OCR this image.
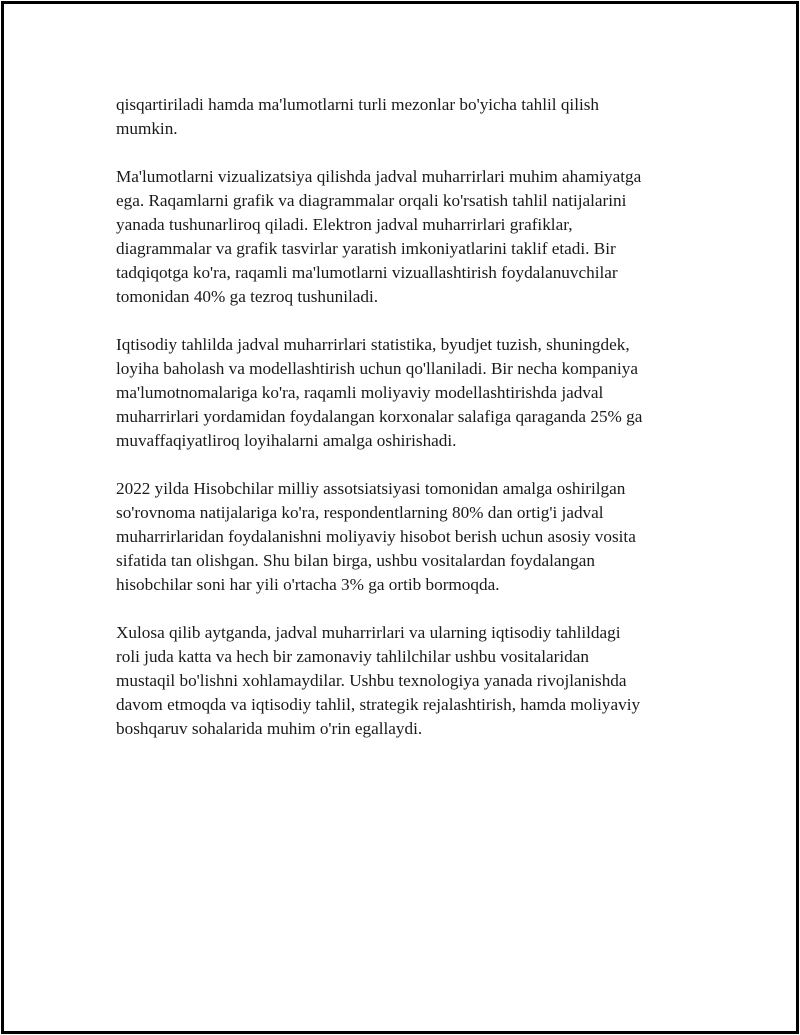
qisqartiriladi hamda ma'lumotlarni turli mezonlar bo'yicha tahlil qilish
mumkin.

Ma'lumotlarni vizualizatsiya qilishda jadval muharrirlari muhim ahamiyatga
ega. Raqamlarni grafik va diagrammalar orqali ko'rsatish tahlil natijalarini
yanada tushunarliroq qiladi. Elektron jadval muharrirlari grafiklar,
diagrammalar va grafik tasvirlar yaratish imkoniyatlarini taklif etadi. Bir
tadqiqotga ko'ra, raqamli ma'lumotlarni vizuallashtirish foydalanuvchilar
tomonidan 40% ga tezroq tushuniladi.

Iqtisodiy tahlilda jadval muharrirlari statistika, byudjet tuzish, shuningdek,
loyiha baholash va modellashtirish uchun qo'llaniladi. Bir necha kompaniya
ma'lumotnomalariga ko'ra, raqamli moliyaviy modellashtirishda jadval
muharrirlari yordamidan foydalangan korxonalar salafiga qaraganda 25% ga
muvaffaqiyatliroq loyihalarni amalga oshirishadi.

2022 yilda Hisobchilar milliy assotsiatsiyasi tomonidan amalga oshirilgan
so'rovnoma natijalariga ko'ra, respondentlarning 80% dan ortig'i jadval
muharrirlaridan foydalanishni moliyaviy hisobot berish uchun asosiy vosita
sifatida tan olishgan. Shu bilan birga, ushbu vositalardan foydalangan
hisobchilar soni har yili o'rtacha 3% ga ortib bormoqda.

Xulosa qilib aytganda, jadval muharrirlari va ularning iqtisodiy tahlildagi
roli juda katta va hech bir zamonaviy tahlilchilar ushbu vositalaridan
mustaqil bo'lishni xohlamaydilar. Ushbu texnologiya yanada rivojlanishda
davom etmoqda va iqtisodiy tahlil, strategik rejalashtirish, hamda moliyaviy
boshqaruv sohalarida muhim o'rin egallaydi.
